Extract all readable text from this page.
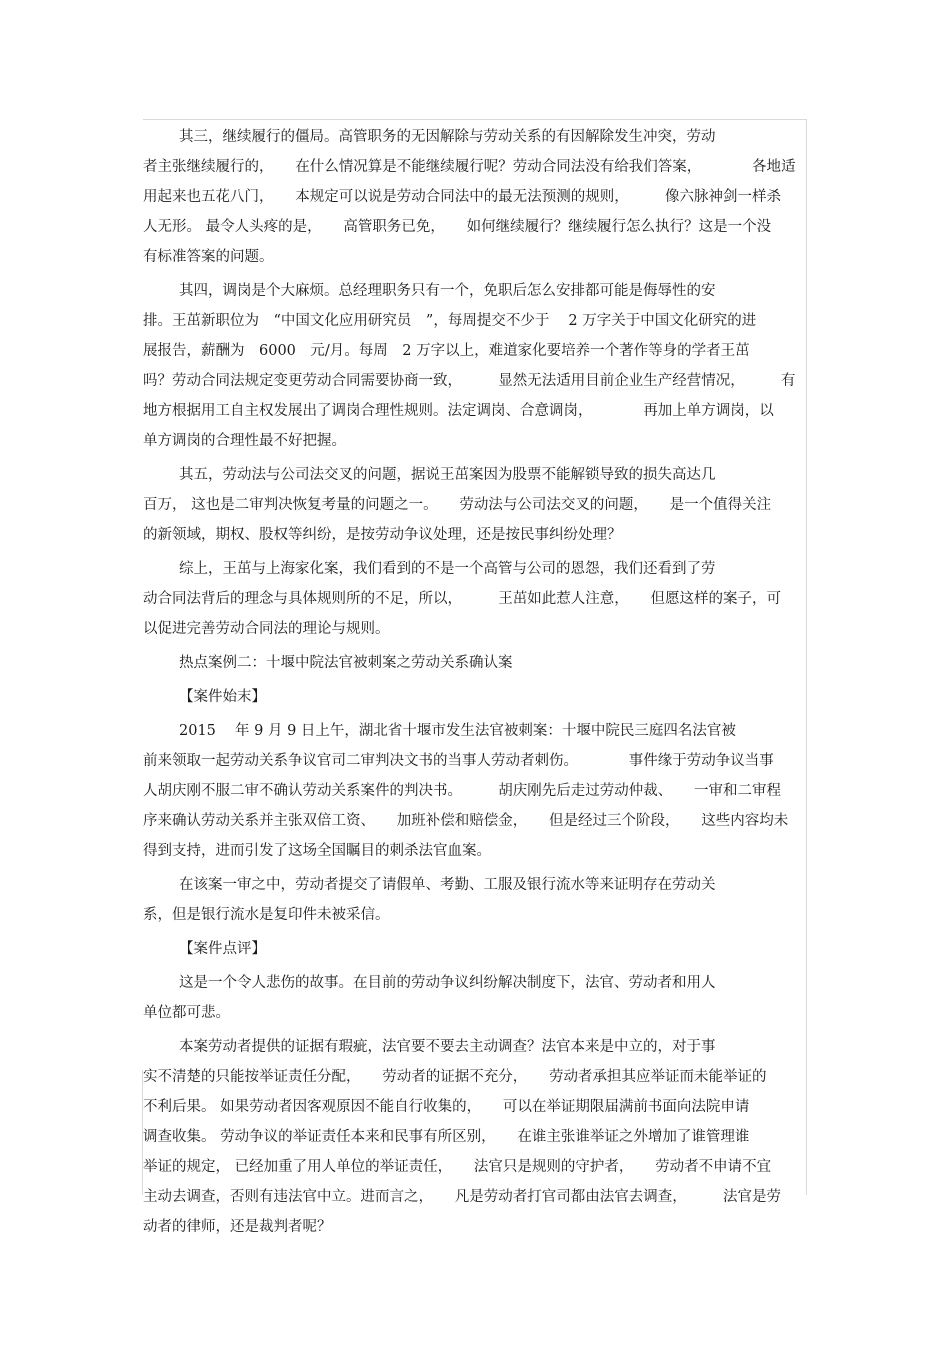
其三，继续履行的僵局。高管职务的无因解除与劳动关系的有因解除发生冲突，劳动
者主张继续履行的，　　在什么情况算是不能继续履行呢？劳动合同法没有给我们答案，　　　　各地适
用起来也五花八门，　　本规定可以说是劳动合同法中的最无法预测的规则，　　　像六脉神剑一样杀
人无形。 最令人头疼的是，　　高管职务已免，　　如何继续履行？继续履行怎么执行？这是一个没
有标准答案的问题。
其四，调岗是个大麻烦。总经理职务只有一个，免职后怎么安排都可能是侮辱性的安
排。王茁新职位为　“中国文化应用研究员　”，每周提交不少于　 2 万字关于中国文化研究的进
展报告，薪酬为　6000　元/月。每周　2 万字以上，难道家化要培养一个著作等身的学者王茁
吗？劳动合同法规定变更劳动合同需要协商一致，　　　显然无法适用目前企业生产经营情况，　　　有
地方根据用工自主权发展出了调岗合理性规则。法定调岗、合意调岗，　　　　再加上单方调岗，以
单方调岗的合理性最不好把握。
其五，劳动法与公司法交叉的问题，据说王茁案因为股票不能解锁导致的损失高达几
百万， 这也是二审判决恢复考量的问题之一。　　劳动法与公司法交叉的问题，　　是一个值得关注
的新领域，期权、股权等纠纷，是按劳动争议处理，还是按民事纠纷处理？
综上，王茁与上海家化案，我们看到的不是一个高管与公司的恩怨，我们还看到了劳
动合同法背后的理念与具体规则所的不足，所以，　　　王茁如此惹人注意，　　但愿这样的案子，可
以促进完善劳动合同法的理论与规则。
热点案例二：十堰中院法官被刺案之劳动关系确认案
【案件始末】
2015　 年 9 月 9 日上午，湖北省十堰市发生法官被刺案：十堰中院民三庭四名法官被
前来领取一起劳动关系争议官司二审判决文书的当事人劳动者刺伤。　　　　事件缘于劳动争议当事
人胡庆刚不服二审不确认劳动关系案件的判决书。　　　胡庆刚先后走过劳动仲裁、　　一审和二审程
序来确认劳动关系并主张双倍工资、　　加班补偿和赔偿金，　　但是经过三个阶段，　　这些内容均未
得到支持，进而引发了这场全国瞩目的刺杀法官血案。
在该案一审之中，劳动者提交了请假单、考勤、工服及银行流水等来证明存在劳动关
系，但是银行流水是复印件未被采信。
【案件点评】
这是一个令人悲伤的故事。在目前的劳动争议纠纷解决制度下，法官、劳动者和用人
单位都可悲。
本案劳动者提供的证据有瑕疵，法官要不要去主动调查？法官本来是中立的，对于事
实不清楚的只能按举证责任分配，　　劳动者的证据不充分，　　劳动者承担其应举证而未能举证的
不利后果。 如果劳动者因客观原因不能自行收集的，　　可以在举证期限届满前书面向法院申请
调查收集。 劳动争议的举证责任本来和民事有所区别，　　在谁主张谁举证之外增加了谁管理谁
举证的规定， 已经加重了用人单位的举证责任，　　法官只是规则的守护者，　　劳动者不申请不宜
主动去调查，否则有违法官中立。进而言之，　　凡是劳动者打官司都由法官去调查，　　　法官是劳
动者的律师，还是裁判者呢？
